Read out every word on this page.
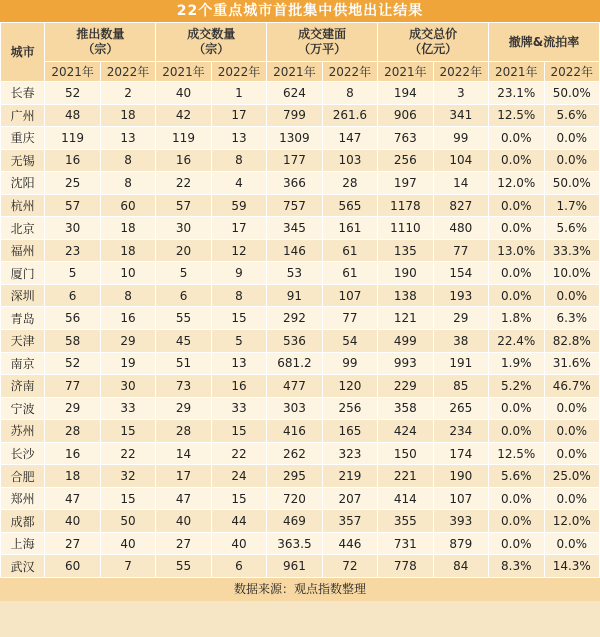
22个重点城市首批集中供地出让结果
城市	推出数量
（宗）		成交数量
（宗）		成交建面
（万平）		成交总价
（亿元）		撤牌&流拍率	
	2021年	2022年	2021年	2022年	2021年	2022年	2021年	2022年	2021年	2022年
长春	52	2	40	1	624	8	194	3	23.1%	50.0%
广州	48	18	42	17	799	261.6	906	341	12.5%	5.6%
重庆	119	13	119	13	1309	147	763	99	0.0%	0.0%
无锡	16	8	16	8	177	103	256	104	0.0%	0.0%
沈阳	25	8	22	4	366	28	197	14	12.0%	50.0%
杭州	57	60	57	59	757	565	1178	827	0.0%	1.7%
北京	30	18	30	17	345	161	1110	480	0.0%	5.6%
福州	23	18	20	12	146	61	135	77	13.0%	33.3%
厦门	5	10	5	9	53	61	190	154	0.0%	10.0%
深圳	6	8	6	8	91	107	138	193	0.0%	0.0%
青岛	56	16	55	15	292	77	121	29	1.8%	6.3%
天津	58	29	45	5	536	54	499	38	22.4%	82.8%
南京	52	19	51	13	681.2	99	993	191	1.9%	31.6%
济南	77	30	73	16	477	120	229	85	5.2%	46.7%
宁波	29	33	29	33	303	256	358	265	0.0%	0.0%
苏州	28	15	28	15	416	165	424	234	0.0%	0.0%
长沙	16	22	14	22	262	323	150	174	12.5%	0.0%
合肥	18	32	17	24	295	219	221	190	5.6%	25.0%
郑州	47	15	47	15	720	207	414	107	0.0%	0.0%
成都	40	50	40	44	469	357	355	393	0.0%	12.0%
上海	27	40	27	40	363.5	446	731	879	0.0%	0.0%
武汉	60	7	55	6	961	72	778	84	8.3%	14.3%
数据来源：观点指数整理
